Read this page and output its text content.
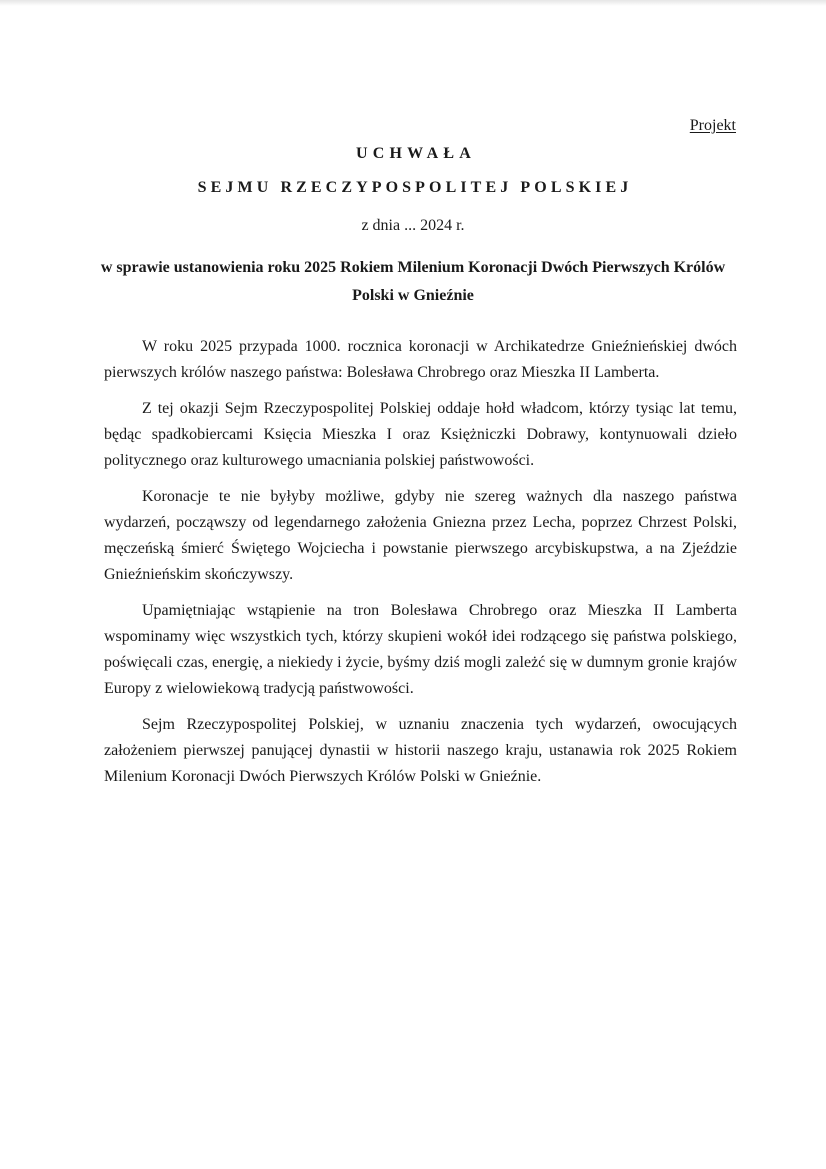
Projekt
UCHWAŁA
SEJMU RZECZYPOSPOLITEJ POLSKIEJ
z dnia ... 2024 r.
w sprawie ustanowienia roku 2025 Rokiem Milenium Koronacji Dwóch Pierwszych Królów Polski w Gnieźnie

W roku 2025 przypada 1000. rocznica koronacji w Archikatedrze Gnieźnieńskiej dwóch pierwszych królów naszego państwa: Bolesława Chrobrego oraz Mieszka II Lamberta.

Z tej okazji Sejm Rzeczypospolitej Polskiej oddaje hołd władcom, którzy tysiąc lat temu, będąc spadkobiercami Księcia Mieszka I oraz Księżniczki Dobrawy, kontynuowali dzieło politycznego oraz kulturowego umacniania polskiej państwowości.

Koronacje te nie byłyby możliwe, gdyby nie szereg ważnych dla naszego państwa wydarzeń, począwszy od legendarnego założenia Gniezna przez Lecha, poprzez Chrzest Polski, męczeńską śmierć Świętego Wojciecha i powstanie pierwszego arcybiskupstwa, a na Zjeździe Gnieźnieńskim skończywszy.

Upamiętniając wstąpienie na tron Bolesława Chrobrego oraz Mieszka II Lamberta wspominamy więc wszystkich tych, którzy skupieni wokół idei rodzącego się państwa polskiego, poświęcali czas, energię, a niekiedy i życie, byśmy dziś mogli zależć się w dumnym gronie krajów Europy z wielowiekową tradycją państwowości.

Sejm Rzeczypospolitej Polskiej, w uznaniu znaczenia tych wydarzeń, owocujących założeniem pierwszej panującej dynastii w historii naszego kraju, ustanawia rok 2025 Rokiem Milenium Koronacji Dwóch Pierwszych Królów Polski w Gnieźnie.
